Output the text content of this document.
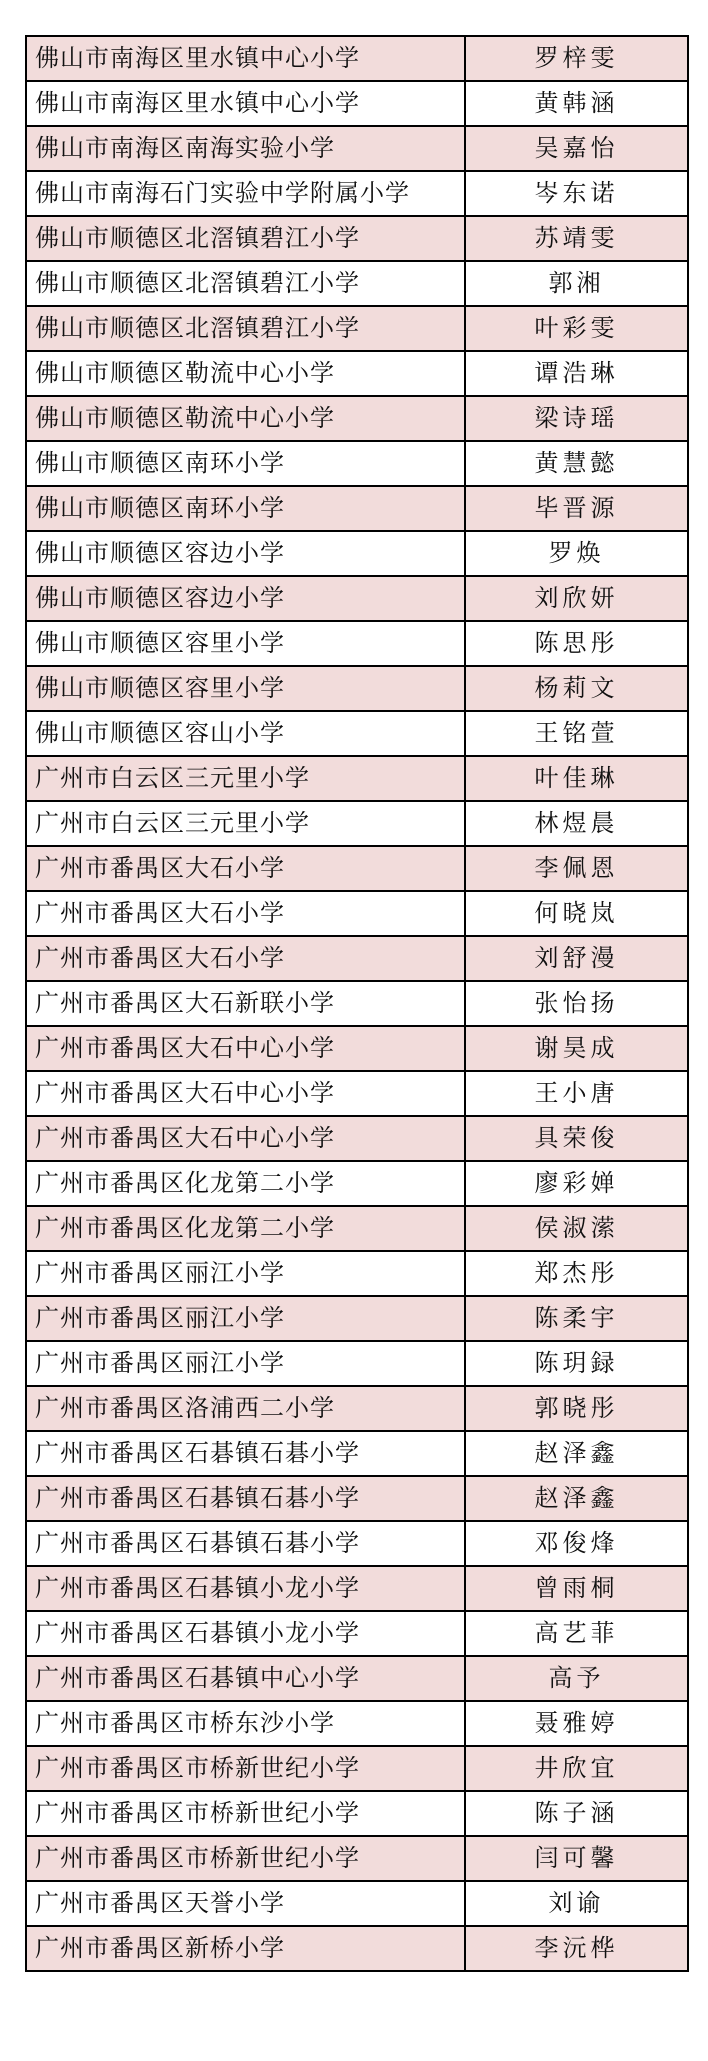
佛山市南海区里水镇中心小学	罗梓雯
佛山市南海区里水镇中心小学	黄韩涵
佛山市南海区南海实验小学	吴嘉怡
佛山市南海石门实验中学附属小学	岑东诺
佛山市顺德区北滘镇碧江小学	苏靖雯
佛山市顺德区北滘镇碧江小学	郭湘
佛山市顺德区北滘镇碧江小学	叶彩雯
佛山市顺德区勒流中心小学	谭浩琳
佛山市顺德区勒流中心小学	梁诗瑶
佛山市顺德区南环小学	黄慧懿
佛山市顺德区南环小学	毕晋源
佛山市顺德区容边小学	罗焕
佛山市顺德区容边小学	刘欣妍
佛山市顺德区容里小学	陈思彤
佛山市顺德区容里小学	杨莉文
佛山市顺德区容山小学	王铭萱
广州市白云区三元里小学	叶佳琳
广州市白云区三元里小学	林煜晨
广州市番禺区大石小学	李佩恩
广州市番禺区大石小学	何晓岚
广州市番禺区大石小学	刘舒漫
广州市番禺区大石新联小学	张怡扬
广州市番禺区大石中心小学	谢昊成
广州市番禺区大石中心小学	王小唐
广州市番禺区大石中心小学	具荣俊
广州市番禺区化龙第二小学	廖彩婵
广州市番禺区化龙第二小学	侯淑潆
广州市番禺区丽江小学	郑杰彤
广州市番禺区丽江小学	陈柔宇
广州市番禺区丽江小学	陈玥録
广州市番禺区洛浦西二小学	郭晓彤
广州市番禺区石碁镇石碁小学	赵泽鑫
广州市番禺区石碁镇石碁小学	赵泽鑫
广州市番禺区石碁镇石碁小学	邓俊烽
广州市番禺区石碁镇小龙小学	曾雨桐
广州市番禺区石碁镇小龙小学	高艺菲
广州市番禺区石碁镇中心小学	高予
广州市番禺区市桥东沙小学	聂雅婷
广州市番禺区市桥新世纪小学	井欣宜
广州市番禺区市桥新世纪小学	陈子涵
广州市番禺区市桥新世纪小学	闫可馨
广州市番禺区天誉小学	刘谕
广州市番禺区新桥小学	李沅桦
